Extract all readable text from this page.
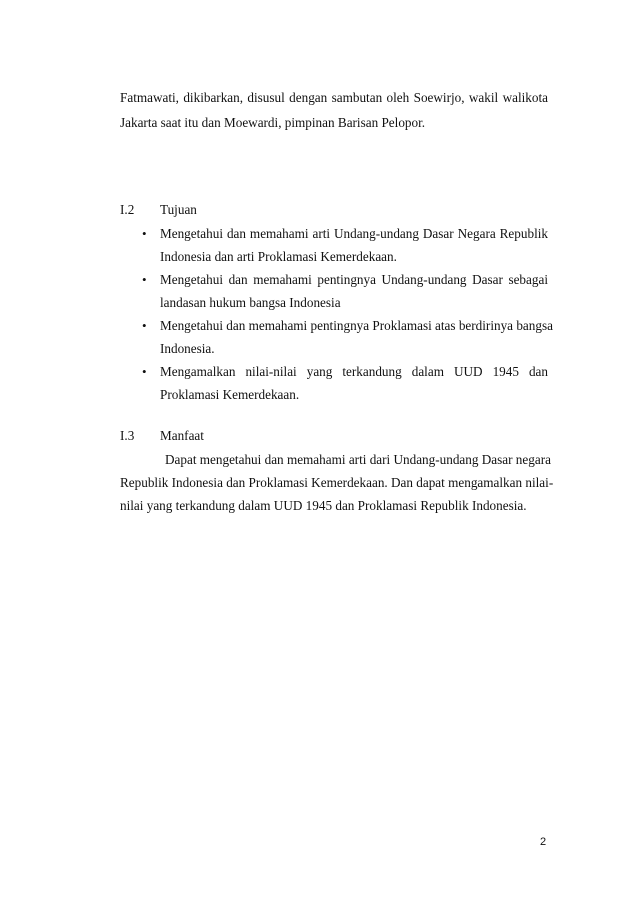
Fatmawati, dikibarkan, disusul dengan sambutan oleh Soewirjo, wakil walikota
Jakarta saat itu dan Moewardi, pimpinan Barisan Pelopor.
I.2 Tujuan
• Mengetahui dan memahami arti Undang-undang Dasar Negara Republik
Indonesia dan arti Proklamasi Kemerdekaan.
• Mengetahui dan memahami pentingnya Undang-undang Dasar sebagai
landasan hukum bangsa Indonesia
• Mengetahui dan memahami pentingnya Proklamasi atas berdirinya bangsa
Indonesia.
• Mengamalkan nilai-nilai yang terkandung dalam UUD 1945 dan
Proklamasi Kemerdekaan.
I.3 Manfaat
Dapat mengetahui dan memahami arti dari Undang-undang Dasar negara
Republik Indonesia dan Proklamasi Kemerdekaan. Dan dapat mengamalkan nilai-
nilai yang terkandung dalam UUD 1945 dan Proklamasi Republik Indonesia.
2
